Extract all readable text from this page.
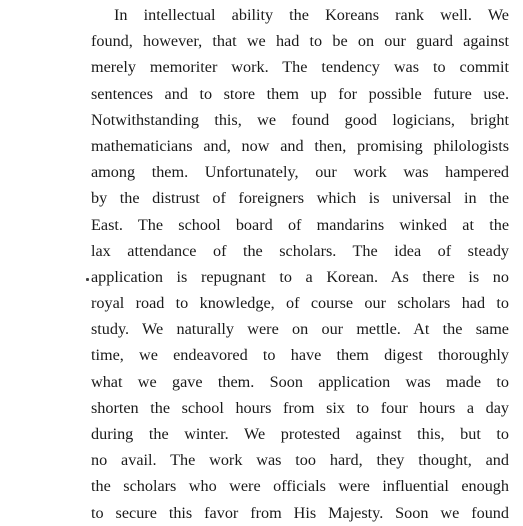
In intellectual ability the Koreans rank well. We
found, however, that we had to be on our guard against
merely memoriter work. The tendency was to commit
sentences and to store them up for possible future use.
Notwithstanding this, we found good logicians, bright
mathematicians and, now and then, promising philologists
among them. Unfortunately, our work was hampered
by the distrust of foreigners which is universal in the
East. The school board of mandarins winked at the
lax attendance of the scholars. The idea of steady
application is repugnant to a Korean. As there is no
royal road to knowledge, of course our scholars had to
study. We naturally were on our mettle. At the same
time, we endeavored to have them digest thoroughly
what we gave them. Soon application was made to
shorten the school hours from six to four hours a day
during the winter. We protested against this, but to
no avail. The work was too hard, they thought, and
the scholars who were officials were influential enough
to secure this favor from His Majesty. Soon we found
